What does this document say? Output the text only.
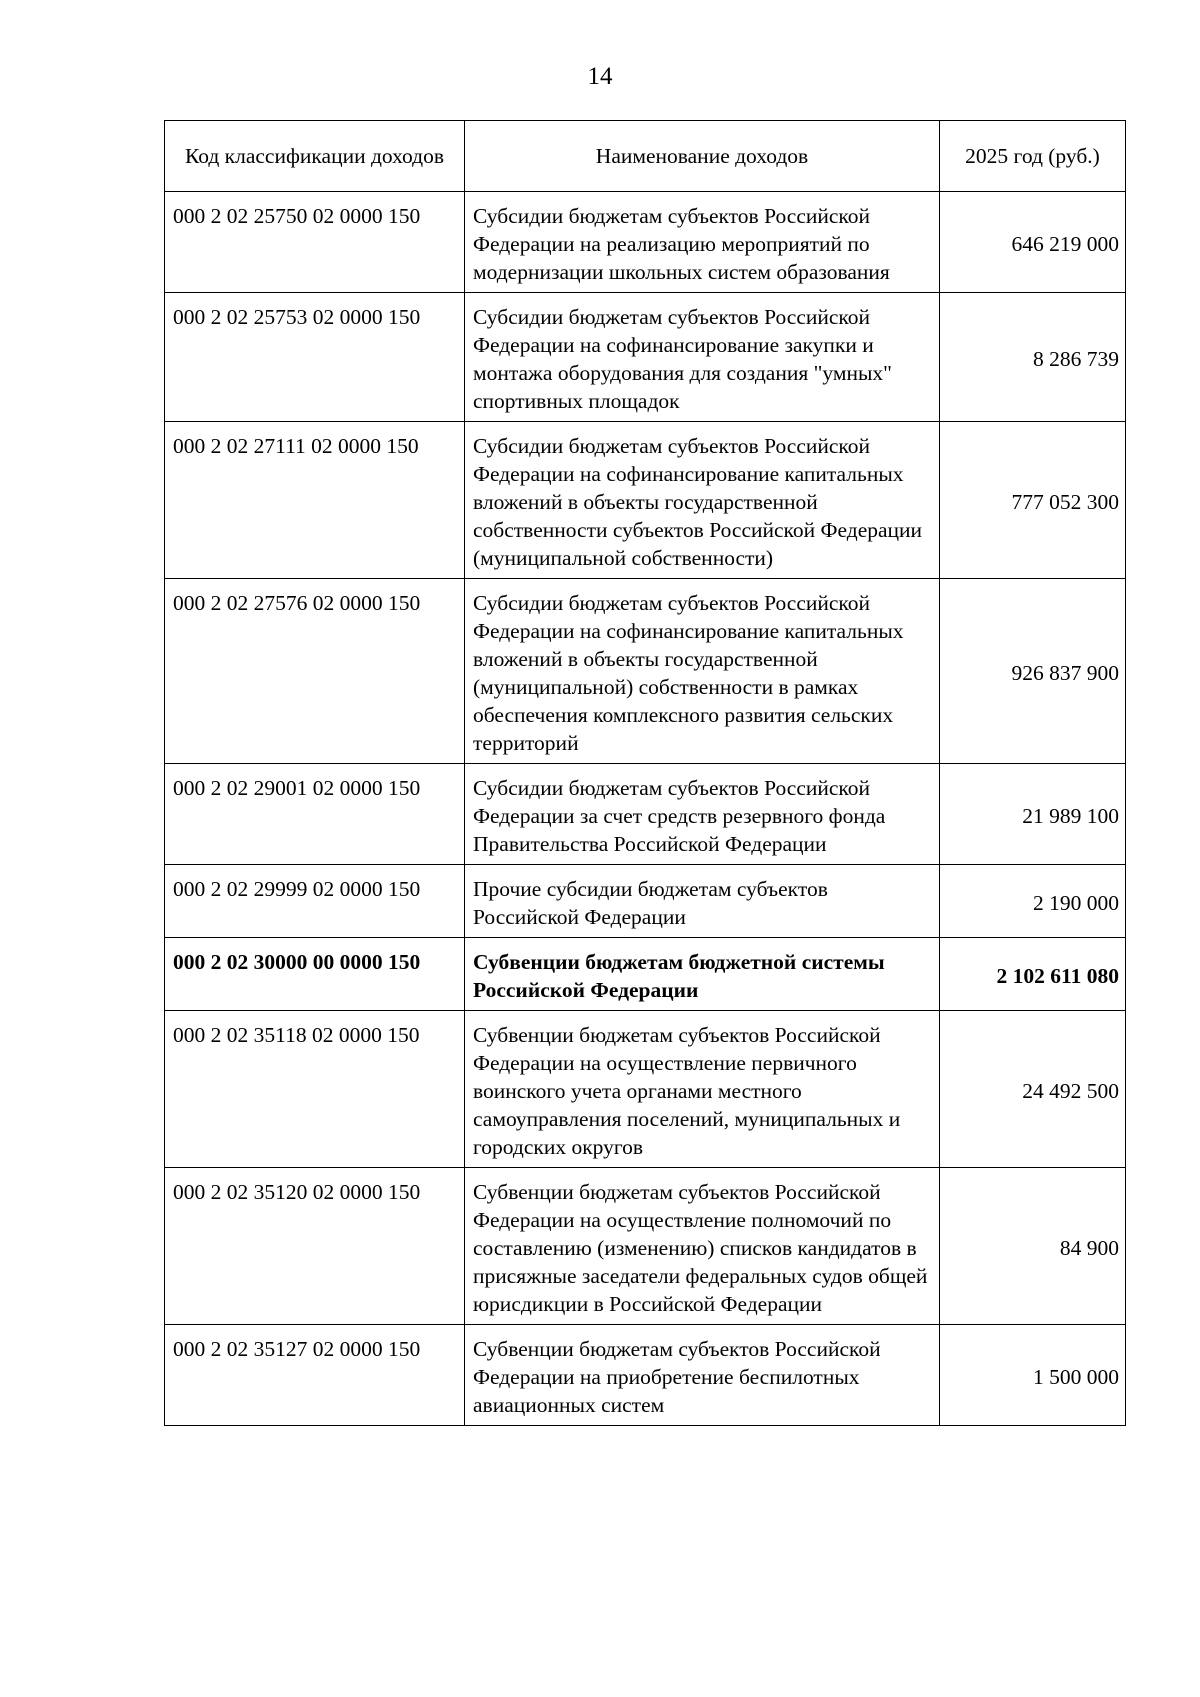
14
Код классификации доходов	Наименование доходов	2025 год (руб.)
000 2 02 25750 02 0000 150	Субсидии бюджетам субъектов Российской Федерации на реализацию мероприятий по модернизации школьных систем образования	646 219 000
000 2 02 25753 02 0000 150	Субсидии бюджетам субъектов Российской Федерации на софинансирование закупки и монтажа оборудования для создания "умных" спортивных площадок	8 286 739
000 2 02 27111 02 0000 150	Субсидии бюджетам субъектов Российской Федерации на софинансирование капитальных вложений в объекты государственной собственности субъектов Российской Федерации (муниципальной собственности)	777 052 300
000 2 02 27576 02 0000 150	Субсидии бюджетам субъектов Российской Федерации на софинансирование капитальных вложений в объекты государственной (муниципальной) собственности в рамках обеспечения комплексного развития сельских территорий	926 837 900
000 2 02 29001 02 0000 150	Субсидии бюджетам субъектов Российской Федерации за счет средств резервного фонда Правительства Российской Федерации	21 989 100
000 2 02 29999 02 0000 150	Прочие субсидии бюджетам субъектов Российской Федерации	2 190 000
000 2 02 30000 00 0000 150	Субвенции бюджетам бюджетной системы Российской Федерации	2 102 611 080
000 2 02 35118 02 0000 150	Субвенции бюджетам субъектов Российской Федерации на осуществление первичного воинского учета органами местного самоуправления поселений, муниципальных и городских округов	24 492 500
000 2 02 35120 02 0000 150	Субвенции бюджетам субъектов Российской Федерации на осуществление полномочий по составлению (изменению) списков кандидатов в присяжные заседатели федеральных судов общей юрисдикции в Российской Федерации	84 900
000 2 02 35127 02 0000 150	Субвенции бюджетам субъектов Российской Федерации на приобретение беспилотных авиационных систем	1 500 000
